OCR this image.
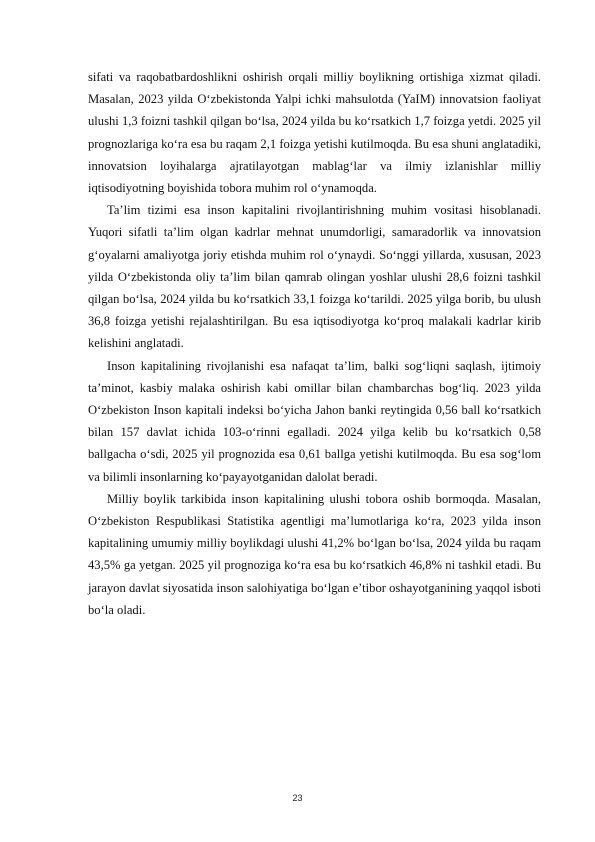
sifati va raqobatbardoshlikni oshirish orqali milliy boylikning ortishiga xizmat qiladi. Masalan, 2023 yilda O‘zbekistonda Yalpi ichki mahsulotda (YaIM) innovatsion faoliyat ulushi 1,3 foizni tashkil qilgan bo‘lsa, 2024 yilda bu ko‘rsatkich 1,7 foizga yetdi. 2025 yil prognozlariga ko‘ra esa bu raqam 2,1 foizga yetishi kutilmoqda. Bu esa shuni anglatadiki, innovatsion loyihalarga ajratilayotgan mablag‘lar va ilmiy izlanishlar milliy iqtisodiyotning boyishida tobora muhim rol o‘ynamoqda.

Ta’lim tizimi esa inson kapitalini rivojlantirishning muhim vositasi hisoblanadi. Yuqori sifatli ta’lim olgan kadrlar mehnat unumdorligi, samaradorlik va innovatsion g‘oyalarni amaliyotga joriy etishda muhim rol o‘ynaydi. So‘nggi yillarda, xususan, 2023 yilda O‘zbekistonda oliy ta’lim bilan qamrab olingan yoshlar ulushi 28,6 foizni tashkil qilgan bo‘lsa, 2024 yilda bu ko‘rsatkich 33,1 foizga ko‘tarildi. 2025 yilga borib, bu ulush 36,8 foizga yetishi rejalashtirilgan. Bu esa iqtisodiyotga ko‘proq malakali kadrlar kirib kelishini anglatadi.

Inson kapitalining rivojlanishi esa nafaqat ta’lim, balki sog‘liqni saqlash, ijtimoiy ta’minot, kasbiy malaka oshirish kabi omillar bilan chambarchas bog‘liq. 2023 yilda O‘zbekiston Inson kapitali indeksi bo‘yicha Jahon banki reytingida 0,56 ball ko‘rsatkich bilan 157 davlat ichida 103-o‘rinni egalladi. 2024 yilga kelib bu ko‘rsatkich 0,58 ballgacha o‘sdi, 2025 yil prognozida esa 0,61 ballga yetishi kutilmoqda. Bu esa sog‘lom va bilimli insonlarning ko‘payayotganidan dalolat beradi.

Milliy boylik tarkibida inson kapitalining ulushi tobora oshib bormoqda. Masalan, O‘zbekiston Respublikasi Statistika agentligi ma’lumotlariga ko‘ra, 2023 yilda inson kapitalining umumiy milliy boylikdagi ulushi 41,2% bo‘lgan bo‘lsa, 2024 yilda bu raqam 43,5% ga yetgan. 2025 yil prognoziga ko‘ra esa bu ko‘rsatkich 46,8% ni tashkil etadi. Bu jarayon davlat siyosatida inson salohiyatiga bo‘lgan e’tibor oshayotganining yaqqol isboti bo‘la oladi.

23
